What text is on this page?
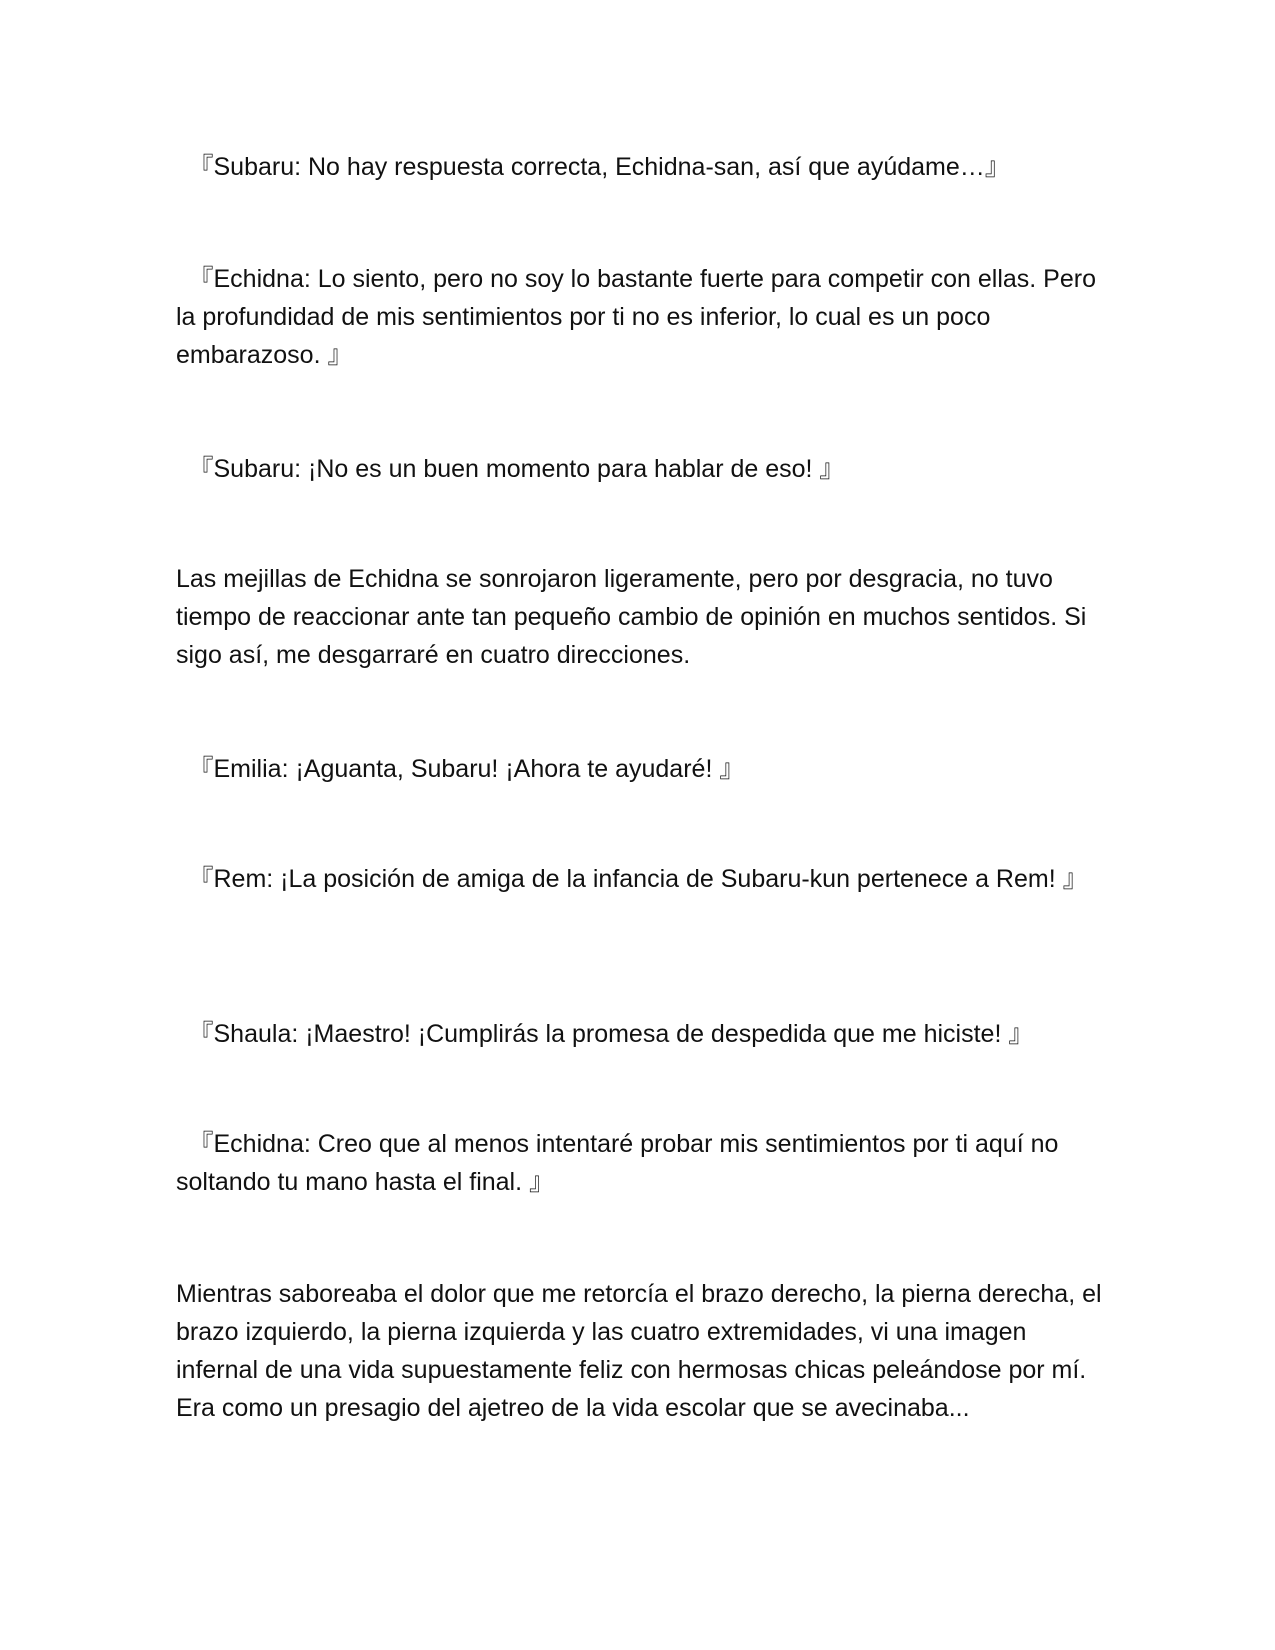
　『Subaru: No hay respuesta correcta, Echidna-san, así que ayúdame…』

　『Echidna: Lo siento, pero no soy lo bastante fuerte para competir con ellas. Pero la profundidad de mis sentimientos por ti no es inferior, lo cual es un poco embarazoso. 』

　『Subaru: ¡No es un buen momento para hablar de eso! 』

Las mejillas de Echidna se sonrojaron ligeramente, pero por desgracia, no tuvo tiempo de reaccionar ante tan pequeño cambio de opinión en muchos sentidos. Si sigo así, me desgarraré en cuatro direcciones.

　『Emilia: ¡Aguanta, Subaru! ¡Ahora te ayudaré! 』

　『Rem: ¡La posición de amiga de la infancia de Subaru-kun pertenece a Rem! 』

　『Shaula: ¡Maestro! ¡Cumplirás la promesa de despedida que me hiciste! 』

　『Echidna: Creo que al menos intentaré probar mis sentimientos por ti aquí no soltando tu mano hasta el final. 』

Mientras saboreaba el dolor que me retorcía el brazo derecho, la pierna derecha, el brazo izquierdo, la pierna izquierda y las cuatro extremidades, vi una imagen infernal de una vida supuestamente feliz con hermosas chicas peleándose por mí. Era como un presagio del ajetreo de la vida escolar que se avecinaba...
